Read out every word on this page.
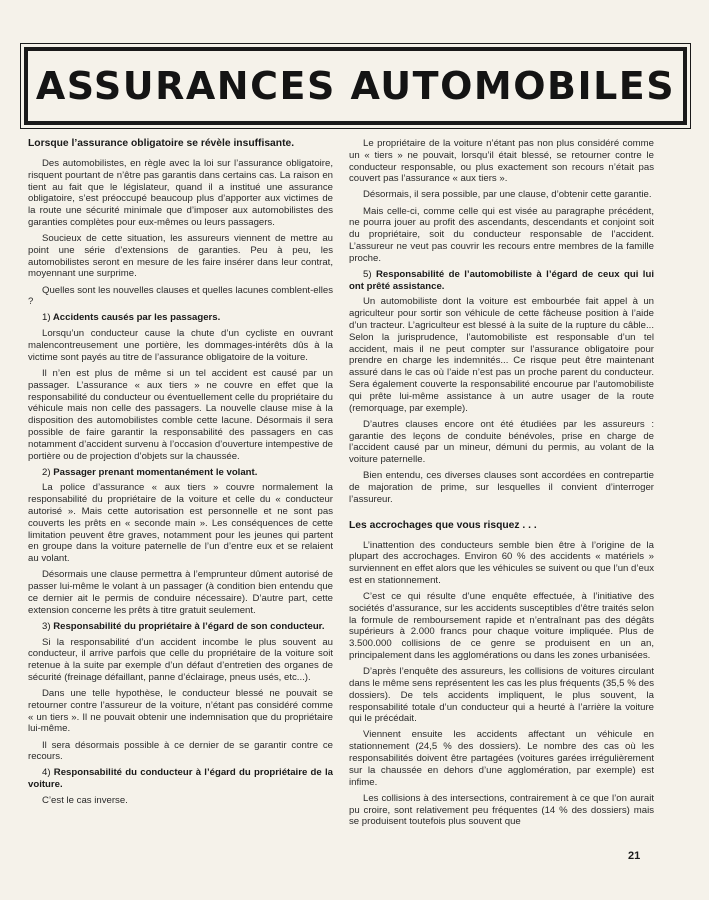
ASSURANCES AUTOMOBILES
Lorsque l’assurance obligatoire se révèle insuffisante.

Des automobilistes, en règle avec la loi sur l’assurance obligatoire, risquent pourtant de n’être pas garantis dans certains cas. La raison en tient au fait que le législateur, quand il a institué une assurance obligatoire, s’est préoccupé beaucoup plus d’apporter aux victimes de la route une sécurité minimale que d’imposer aux automobilistes des garanties complètes pour eux-mêmes ou leurs passagers.

Soucieux de cette situation, les assureurs viennent de mettre au point une série d’extensions de garanties. Peu à peu, les automobilistes seront en mesure de les faire insérer dans leur contrat, moyennant une surprime.

Quelles sont les nouvelles clauses et quelles lacunes comblent-elles ?

1) Accidents causés par les passagers.

Lorsqu’un conducteur cause la chute d’un cycliste en ouvrant malencontreusement une portière, les dommages-intérêts dûs à la victime sont payés au titre de l’assurance obligatoire de la voiture.

Il n’en est plus de même si un tel accident est causé par un passager. L’assurance « aux tiers » ne couvre en effet que la responsabilité du conducteur ou éventuellement celle du propriétaire du véhicule mais non celle des passagers. La nouvelle clause mise à la disposition des automobilistes comble cette lacune. Désormais il sera possible de faire garantir la responsabilité des passagers en cas notamment d’accident survenu à l’occasion d’ouverture intempestive de portière ou de projection d’objets sur la chaussée.

2) Passager prenant momentanément le volant.

La police d’assurance « aux tiers » couvre normalement la responsabilité du propriétaire de la voiture et celle du « conducteur autorisé ». Mais cette autorisation est personnelle et ne sont pas couverts les prêts en « seconde main ». Les conséquences de cette limitation peuvent être graves, notamment pour les jeunes qui partent en groupe dans la voiture paternelle de l’un d’entre eux et se relaient au volant.

Désormais une clause permettra à l’emprunteur dûment autorisé de passer lui-même le volant à un passager (à condition bien entendu que ce dernier ait le permis de conduire nécessaire). D’autre part, cette extension concerne les prêts à titre gratuit seulement.

3) Responsabilité du propriétaire à l’égard de son conducteur.

Si la responsabilité d’un accident incombe le plus souvent au conducteur, il arrive parfois que celle du propriétaire de la voiture soit retenue à la suite par exemple d’un défaut d’entretien des organes de sécurité (freinage défaillant, panne d’éclairage, pneus usés, etc...).

Dans une telle hypothèse, le conducteur blessé ne pouvait se retourner contre l’assureur de la voiture, n’étant pas considéré comme « un tiers ». Il ne pouvait obtenir une indemnisation que du propriétaire lui-même.

Il sera désormais possible à ce dernier de se garantir contre ce recours.

4) Responsabilité du conducteur à l’égard du propriétaire de la voiture.

C’est le cas inverse.

Le propriétaire de la voiture n’étant pas non plus considéré comme un « tiers » ne pouvait, lorsqu’il était blessé, se retourner contre le conducteur responsable, ou plus exactement son recours n’était pas couvert pas l’assurance « aux tiers ».

Désormais, il sera possible, par une clause, d’obtenir cette garantie.

Mais celle-ci, comme celle qui est visée au paragraphe précédent, ne pourra jouer au profit des ascendants, descendants et conjoint soit du propriétaire, soit du conducteur responsable de l’accident. L’assureur ne veut pas couvrir les recours entre membres de la famille proche.

5) Responsabilité de l’automobiliste à l’égard de ceux qui lui ont prêté assistance.

Un automobiliste dont la voiture est embourbée fait appel à un agriculteur pour sortir son véhicule de cette fâcheuse position à l’aide d’un tracteur. L’agriculteur est blessé à la suite de la rupture du câble... Selon la jurisprudence, l’automobiliste est responsable d’un tel accident, mais il ne peut compter sur l’assurance obligatoire pour prendre en charge les indemnités... Ce risque peut être maintenant assuré dans le cas où l’aide n’est pas un proche parent du conducteur. Sera également couverte la responsabilité encourue par l’automobiliste qui prête lui-même assistance à un autre usager de la route (remorquage, par exemple).

D’autres clauses encore ont été étudiées par les assureurs : garantie des leçons de conduite bénévoles, prise en charge de l’accident causé par un mineur, démuni du permis, au volant de la voiture paternelle.

Bien entendu, ces diverses clauses sont accordées en contrepartie de majoration de prime, sur lesquelles il convient d’interroger l’assureur.

Les accrochages que vous risquez . . .

L’inattention des conducteurs semble bien être à l’origine de la plupart des accrochages. Environ 60 % des accidents « matériels » surviennent en effet alors que les véhicules se suivent ou que l’un d’eux est en stationnement.

C’est ce qui résulte d’une enquête effectuée, à l’initiative des sociétés d’assurance, sur les accidents susceptibles d’être traités selon la formule de remboursement rapide et n’entraînant pas des dégâts supérieurs à 2.000 francs pour chaque voiture impliquée. Plus de 3.500.000 collisions de ce genre se produisent en un an, principalement dans les agglomérations ou dans les zones urbanisées.

D’après l’enquête des assureurs, les collisions de voitures circulant dans le même sens représentent les cas les plus fréquents (35,5 % des dossiers). De tels accidents impliquent, le plus souvent, la responsabilité totale d’un conducteur qui a heurté à l’arrière la voiture qui le précédait.

Viennent ensuite les accidents affectant un véhicule en stationnement (24,5 % des dossiers). Le nombre des cas où les responsabilités doivent être partagées (voitures garées irrégulièrement sur la chaussée en dehors d’une agglomération, par exemple) est infime.

Les collisions à des intersections, contrairement à ce que l’on aurait pu croire, sont relativement peu fréquentes (14 % des dossiers) mais se produisent toutefois plus souvent que

21
